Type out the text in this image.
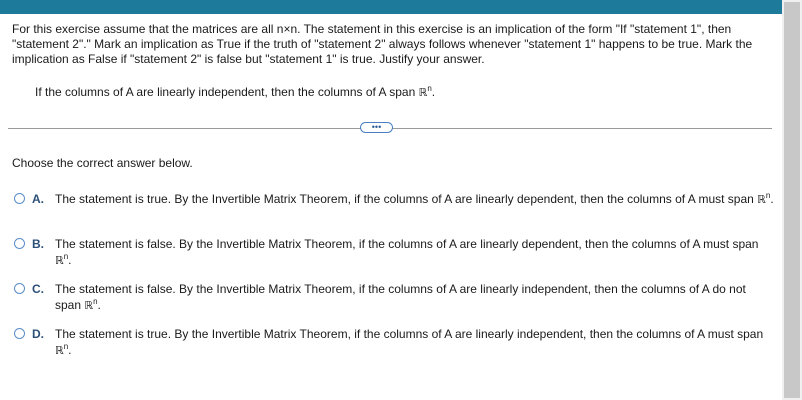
For this exercise assume that the matrices are all n×n. The statement in this exercise is an implication of the form "If "statement 1", then "statement 2"." Mark an implication as True if the truth of "statement 2" always follows whenever "statement 1" happens to be true. Mark the implication as False if "statement 2" is false but "statement 1" is true. Justify your answer.

If the columns of A are linearly independent, then the columns of A span ℝ$^n$.

•••

Choose the correct answer below.

A. The statement is true. By the Invertible Matrix Theorem, if the columns of A are linearly dependent, then the columns of A must span ℝ$^n$.
B. The statement is false. By the Invertible Matrix Theorem, if the columns of A are linearly dependent, then the columns of A must span ℝ$^n$.
C. The statement is false. By the Invertible Matrix Theorem, if the columns of A are linearly independent, then the columns of A do not span ℝ$^n$.
D. The statement is true. By the Invertible Matrix Theorem, if the columns of A are linearly independent, then the columns of A must span ℝ$^n$.
